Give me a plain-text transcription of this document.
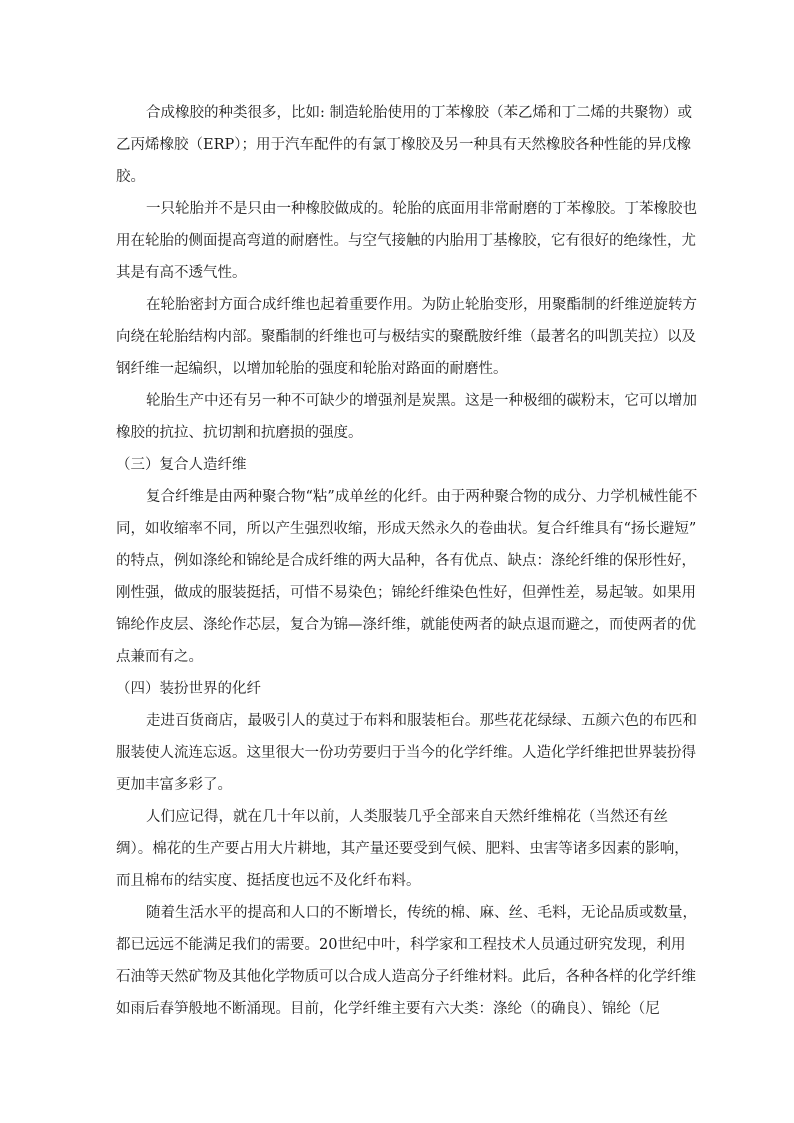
合成橡胶的种类很多，比如: 制造轮胎使用的丁苯橡胶（苯乙烯和丁二烯的共聚物）或
乙丙烯橡胶（ERP）；用于汽车配件的有氯丁橡胶及另一种具有天然橡胶各种性能的异戊橡
胶。
一只轮胎并不是只由一种橡胶做成的。轮胎的底面用非常耐磨的丁苯橡胶。丁苯橡胶也
用在轮胎的侧面提高弯道的耐磨性。与空气接触的内胎用丁基橡胶，它有很好的绝缘性，尤
其是有高不透气性。
在轮胎密封方面合成纤维也起着重要作用。为防止轮胎变形，用聚酯制的纤维逆旋转方
向绕在轮胎结构内部。聚酯制的纤维也可与极结实的聚酰胺纤维（最著名的叫凯芙拉）以及
钢纤维一起编织，以增加轮胎的强度和轮胎对路面的耐磨性。
轮胎生产中还有另一种不可缺少的增强剂是炭黑。这是一种极细的碳粉末，它可以增加
橡胶的抗拉、抗切割和抗磨损的强度。
（三）复合人造纤维
复合纤维是由两种聚合物“粘”成单丝的化纤。由于两种聚合物的成分、力学机械性能不
同，如收缩率不同，所以产生强烈收缩，形成天然永久的卷曲状。复合纤维具有“扬长避短”
的特点，例如涤纶和锦纶是合成纤维的两大品种，各有优点、缺点：涤纶纤维的保形性好，
刚性强，做成的服装挺括，可惜不易染色；锦纶纤维染色性好，但弹性差，易起皱。如果用
锦纶作皮层、涤纶作芯层，复合为锦—涤纤维，就能使两者的缺点退而避之，而使两者的优
点兼而有之。
（四）装扮世界的化纤
走进百货商店，最吸引人的莫过于布料和服装柜台。那些花花绿绿、五颜六色的布匹和
服装使人流连忘返。这里很大一份功劳要归于当今的化学纤维。人造化学纤维把世界装扮得
更加丰富多彩了。
人们应记得，就在几十年以前，人类服装几乎全部来自天然纤维棉花（当然还有丝
绸）。棉花的生产要占用大片耕地，其产量还要受到气候、肥料、虫害等诸多因素的影响，
而且棉布的结实度、挺括度也远不及化纤布料。
随着生活水平的提高和人口的不断增长，传统的棉、麻、丝、毛料，无论品质或数量，
都已远远不能满足我们的需要。20世纪中叶，科学家和工程技术人员通过研究发现，利用
石油等天然矿物及其他化学物质可以合成人造高分子纤维材料。此后，各种各样的化学纤维
如雨后春笋般地不断涌现。目前，化学纤维主要有六大类：涤纶（的确良）、锦纶（尼
